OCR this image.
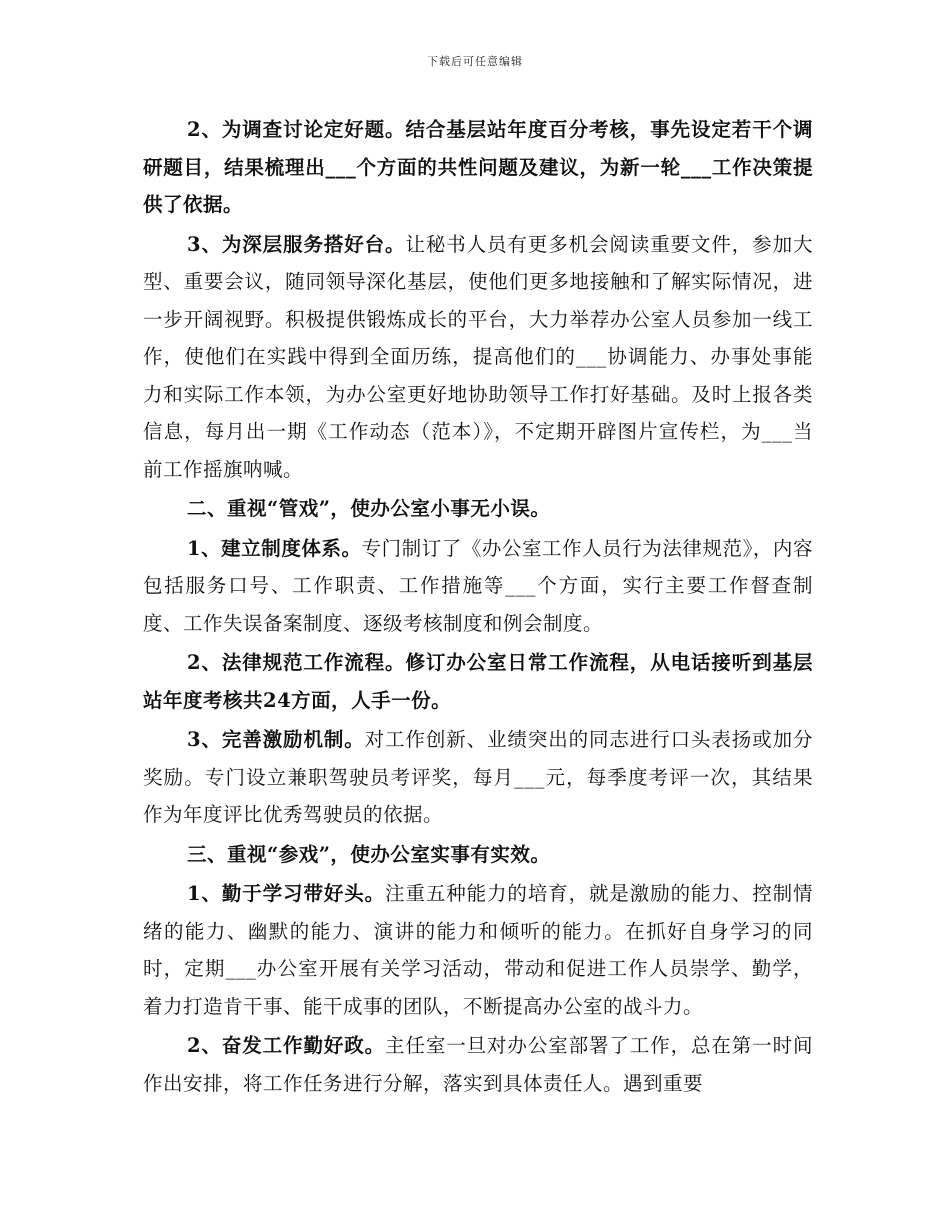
下载后可任意编辑

2、为调查讨论定好题。结合基层站年度百分考核，事先设定若干个调研题目，结果梳理出___个方面的共性问题及建议，为新一轮___工作决策提供了依据。

3、为深层服务搭好台。让秘书人员有更多机会阅读重要文件，参加大型、重要会议，随同领导深化基层，使他们更多地接触和了解实际情况，进一步开阔视野。积极提供锻炼成长的平台，大力举荐办公室人员参加一线工作，使他们在实践中得到全面历练，提高他们的___协调能力、办事处事能力和实际工作本领，为办公室更好地协助领导工作打好基础。及时上报各类信息，每月出一期《工作动态（范本）》，不定期开辟图片宣传栏，为___当前工作摇旗呐喊。

二、重视“管戏”，使办公室小事无小误。

1、建立制度体系。专门制订了《办公室工作人员行为法律规范》，内容包括服务口号、工作职责、工作措施等___个方面，实行主要工作督查制度、工作失误备案制度、逐级考核制度和例会制度。

2、法律规范工作流程。修订办公室日常工作流程，从电话接听到基层站年度考核共24方面，人手一份。

3、完善激励机制。对工作创新、业绩突出的同志进行口头表扬或加分奖励。专门设立兼职驾驶员考评奖，每月___元，每季度考评一次，其结果作为年度评比优秀驾驶员的依据。

三、重视“参戏”，使办公室实事有实效。

1、勤于学习带好头。注重五种能力的培育，就是激励的能力、控制情绪的能力、幽默的能力、演讲的能力和倾听的能力。在抓好自身学习的同时，定期___办公室开展有关学习活动，带动和促进工作人员崇学、勤学，着力打造肯干事、能干成事的团队，不断提高办公室的战斗力。

2、奋发工作勤好政。主任室一旦对办公室部署了工作，总在第一时间作出安排，将工作任务进行分解，落实到具体责任人。遇到重要
